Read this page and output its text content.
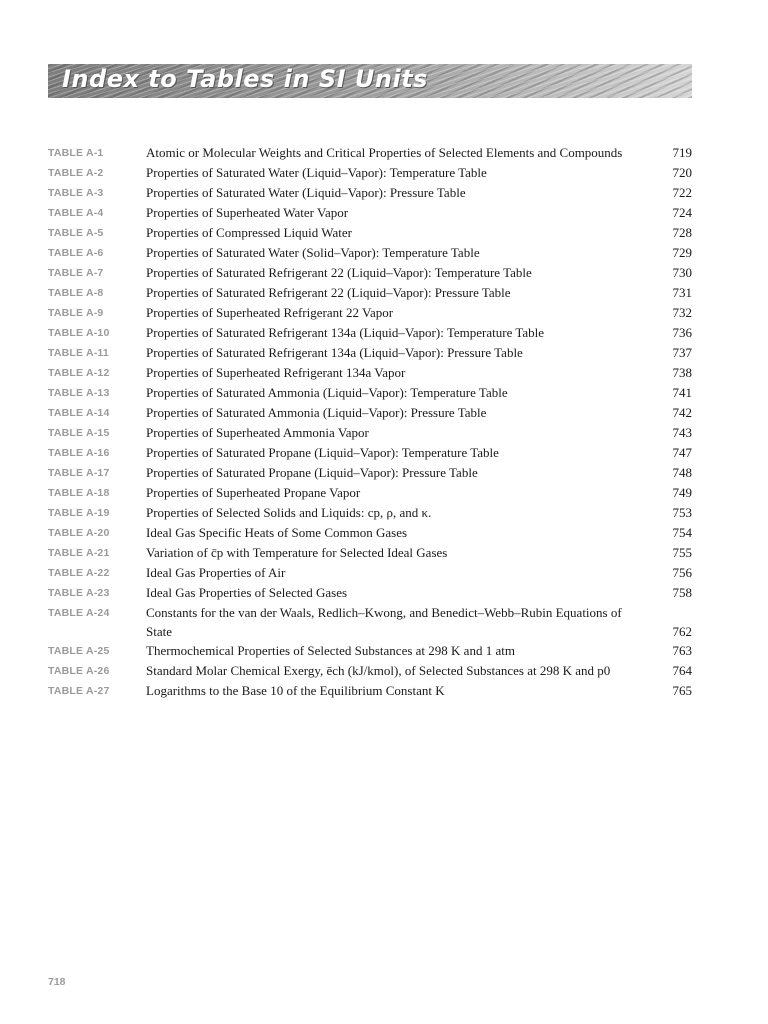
Index to Tables in SI Units
TABLE A-1	Atomic or Molecular Weights and Critical Properties of Selected Elements and Compounds	719
TABLE A-2	Properties of Saturated Water (Liquid–Vapor): Temperature Table	720
TABLE A-3	Properties of Saturated Water (Liquid–Vapor): Pressure Table	722
TABLE A-4	Properties of Superheated Water Vapor	724
TABLE A-5	Properties of Compressed Liquid Water	728
TABLE A-6	Properties of Saturated Water (Solid–Vapor): Temperature Table	729
TABLE A-7	Properties of Saturated Refrigerant 22 (Liquid–Vapor): Temperature Table	730
TABLE A-8	Properties of Saturated Refrigerant 22 (Liquid–Vapor): Pressure Table	731
TABLE A-9	Properties of Superheated Refrigerant 22 Vapor	732
TABLE A-10	Properties of Saturated Refrigerant 134a (Liquid–Vapor): Temperature Table	736
TABLE A-11	Properties of Saturated Refrigerant 134a (Liquid–Vapor): Pressure Table	737
TABLE A-12	Properties of Superheated Refrigerant 134a Vapor	738
TABLE A-13	Properties of Saturated Ammonia (Liquid–Vapor): Temperature Table	741
TABLE A-14	Properties of Saturated Ammonia (Liquid–Vapor): Pressure Table	742
TABLE A-15	Properties of Superheated Ammonia Vapor	743
TABLE A-16	Properties of Saturated Propane (Liquid–Vapor): Temperature Table	747
TABLE A-17	Properties of Saturated Propane (Liquid–Vapor): Pressure Table	748
TABLE A-18	Properties of Superheated Propane Vapor	749
TABLE A-19	Properties of Selected Solids and Liquids: cp, ρ, and κ.	753
TABLE A-20	Ideal Gas Specific Heats of Some Common Gases	754
TABLE A-21	Variation of c̄p with Temperature for Selected Ideal Gases	755
TABLE A-22	Ideal Gas Properties of Air	756
TABLE A-23	Ideal Gas Properties of Selected Gases	758
TABLE A-24	Constants for the van der Waals, Redlich–Kwong, and Benedict–Webb–Rubin Equations of State	762
TABLE A-25	Thermochemical Properties of Selected Substances at 298 K and 1 atm	763
TABLE A-26	Standard Molar Chemical Exergy, ēch (kJ/kmol), of Selected Substances at 298 K and p0	764
TABLE A-27	Logarithms to the Base 10 of the Equilibrium Constant K	765
718
